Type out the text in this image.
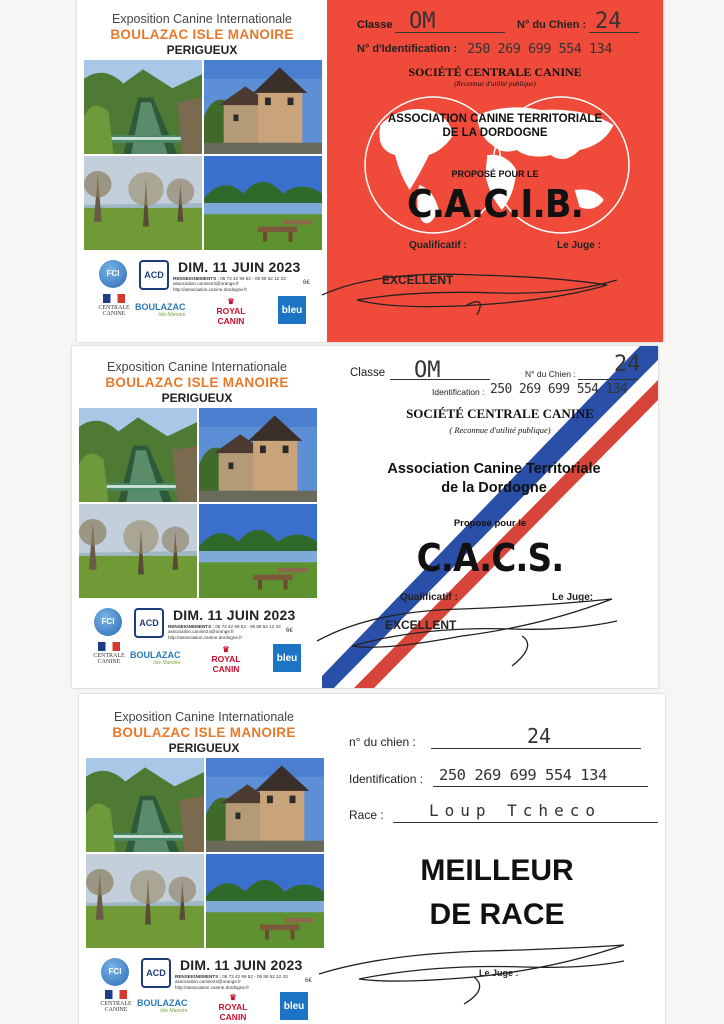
Exposition Canine Internationale
BOULAZAC ISLE MANOIRE
PERIGUEUX
FCI	ACD	DIM. 11 JUIN 2023
RENSEIGNEMENTS : 05 73 42 99 52 - 06 89 52 12 33
association.canine24@orange.fr
http://association.canine.dordogne.fr
6€
CENTRALE
CANINE
BOULAZAC
Isle Manoire
♛
ROYAL CANIN
bleu
Classe OM	N° du Chien : 24
N° d'Identification : 250 269 699 554 134
SOCIÉTÉ CENTRALE CANINE
(Reconnue d'utilité publique)
ASSOCIATION CANINE TERRITORIALE
DE LA DORDOGNE
PROPOSÉ POUR LE
C.A.C.I.B.
Qualificatif :	Le Juge :
EXCELLENT
Exposition Canine Internationale
BOULAZAC ISLE MANOIRE
PERIGUEUX
FCI	ACD	DIM. 11 JUIN 2023
RENSEIGNEMENTS : 05 73 42 99 52 - 06 89 52 12 33
association.canine24@orange.fr
http://association.canine.dordogne.fr
6€
CENTRALE
CANINE
BOULAZAC
Isle Manoire
♛
ROYAL CANIN
bleu
Classe OM	N° du Chien : 24
Identification : 250 269 699 554 134
SOCIÉTÉ CENTRALE CANINE
( Reconnue d'utilité publique)
Association Canine Territoriale
de la Dordogne
Proposé pour le
C.A.C.S.
Qualificatif :	Le Juge:
EXCELLENT
Exposition Canine Internationale
BOULAZAC ISLE MANOIRE
PERIGUEUX
FCI	ACD	DIM. 11 JUIN 2023
RENSEIGNEMENTS : 05 73 42 99 52 - 06 89 52 12 33
association.canine24@orange.fr
http://association.canine.dordogne.fr
6€
CENTRALE
CANINE
BOULAZAC
Isle Manoire
♛
ROYAL CANIN
bleu
n° du chien :	24
Identification : 250 269 699 554 134
Race :	Loup Tcheco
MEILLEUR
DE RACE
Le Juge :
